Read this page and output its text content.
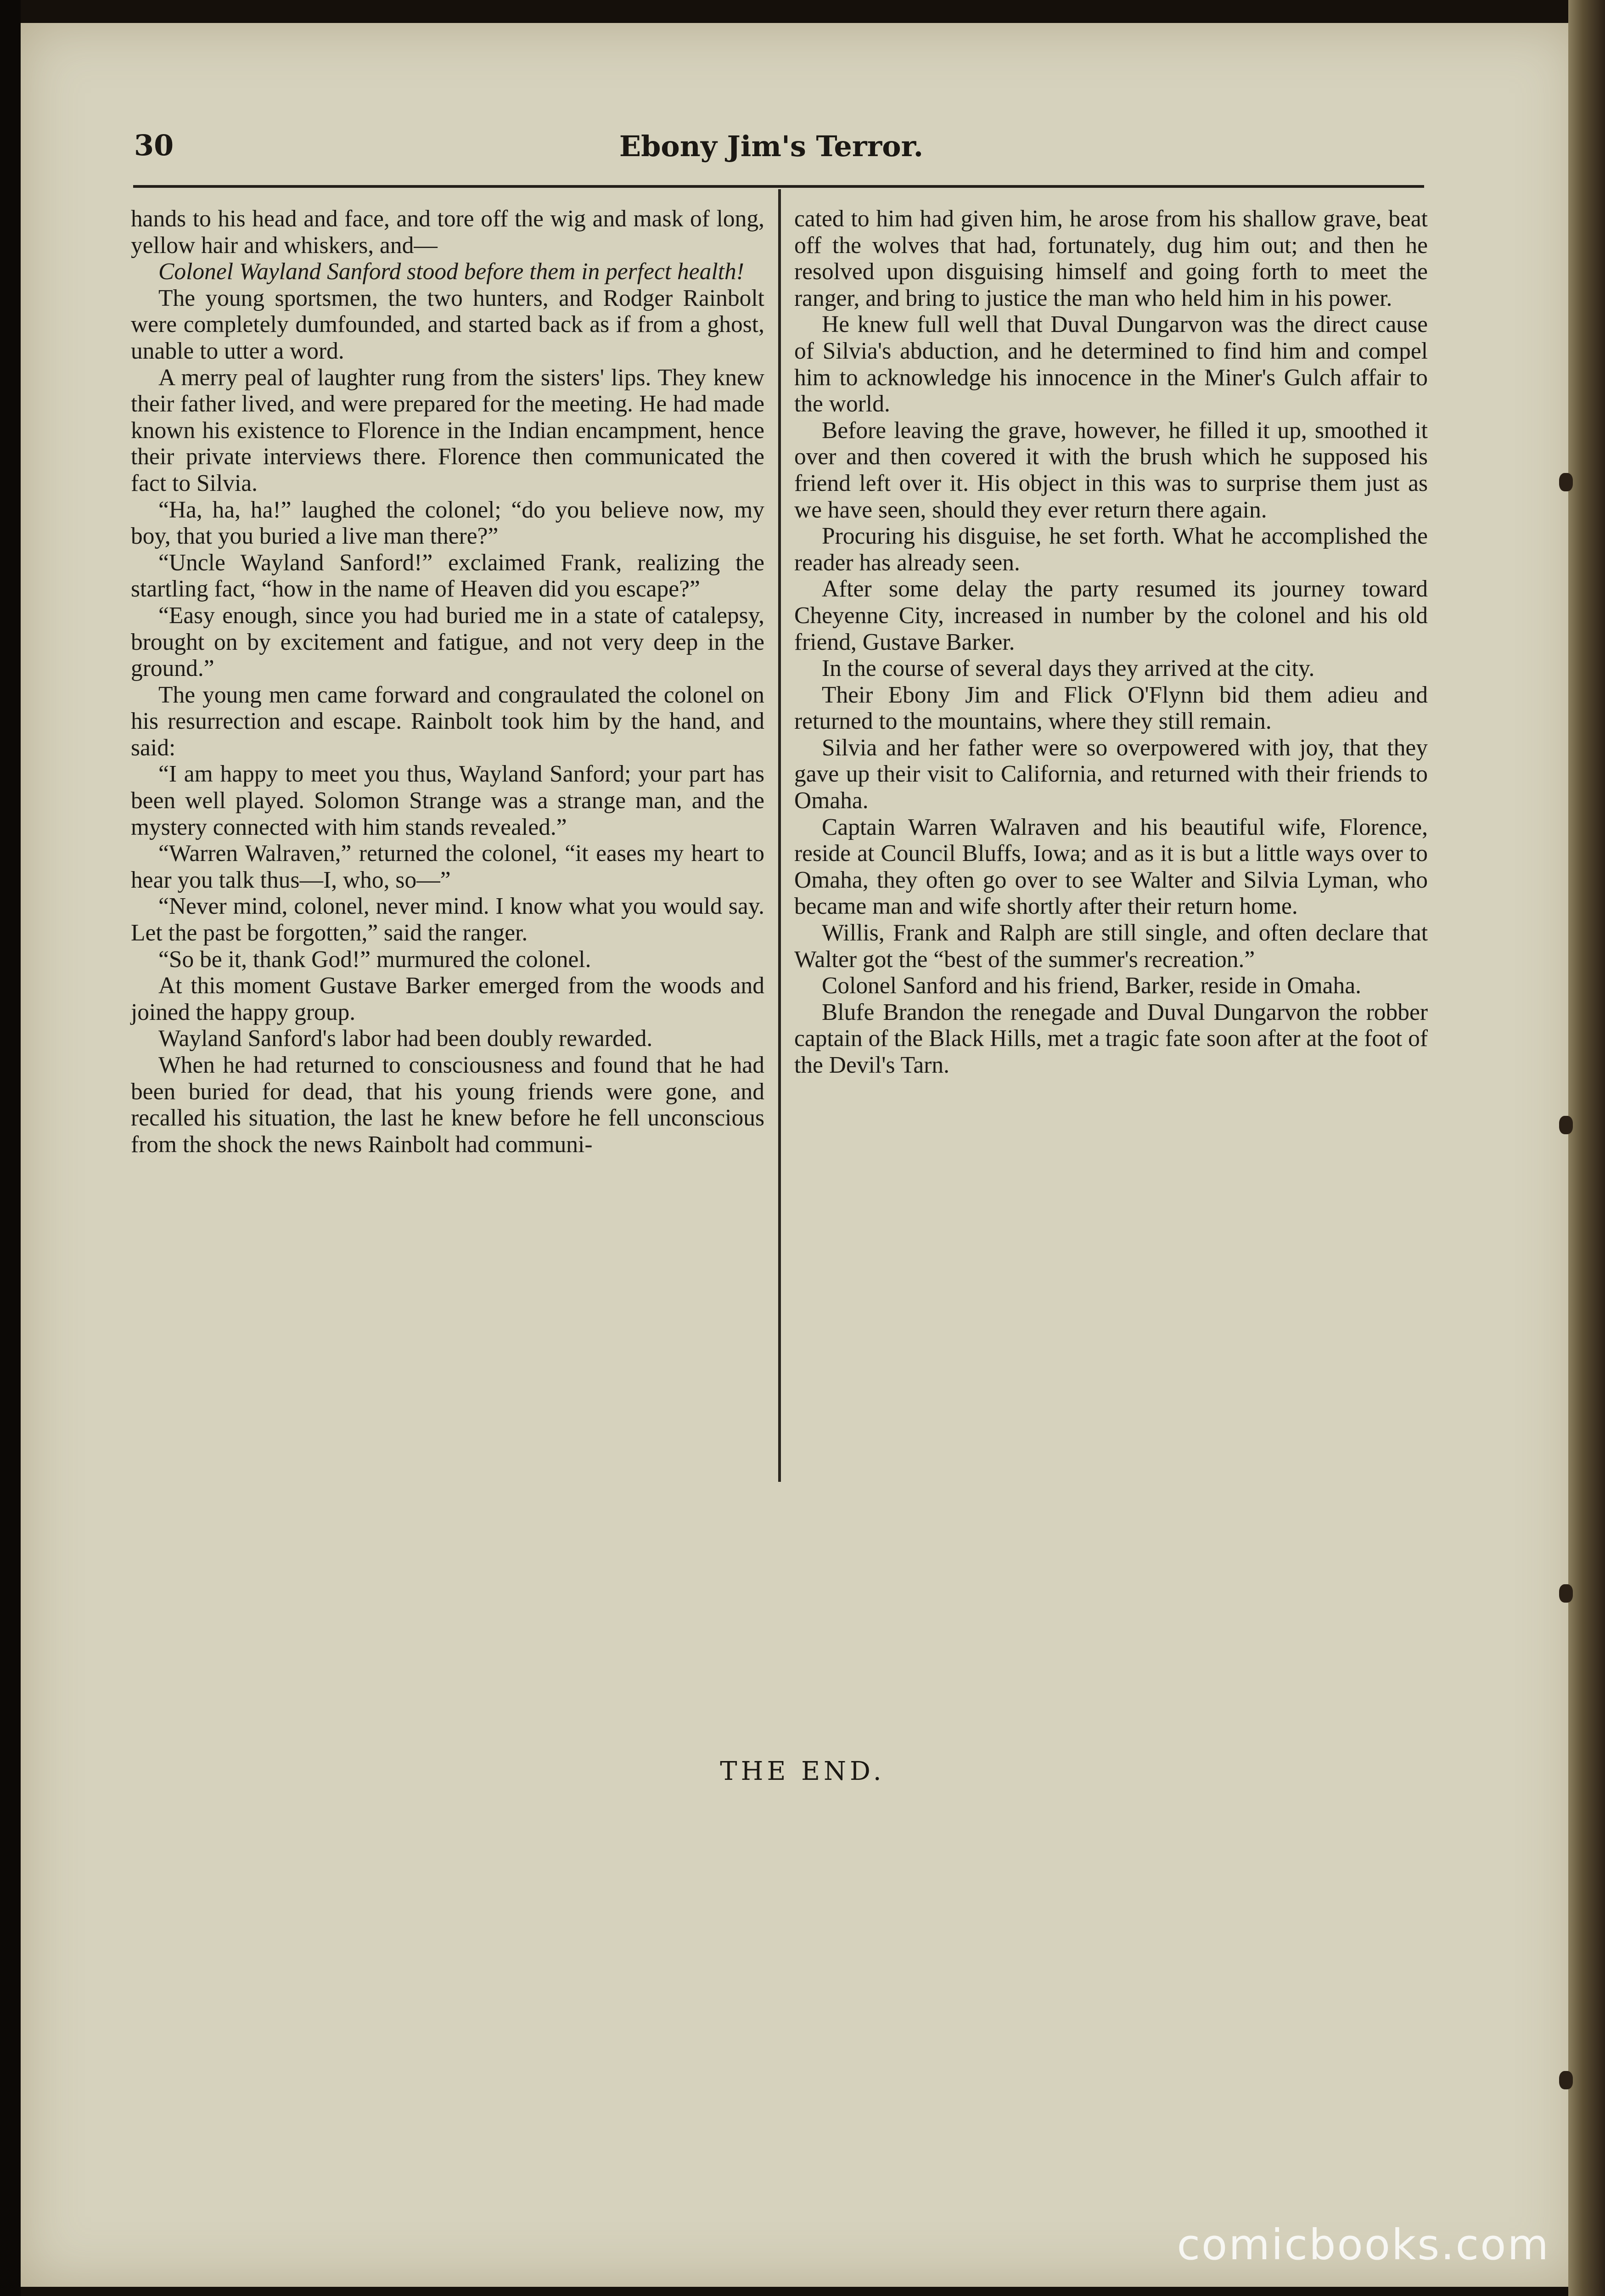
30	Ebony Jim's Terror.

hands to his head and face, and tore off the wig and mask of long, yellow hair and whiskers, and—

Colonel Wayland Sanford stood before them in perfect health!

The young sportsmen, the two hunters, and Rodger Rainbolt were completely dumfounded, and started back as if from a ghost, unable to utter a word.

A merry peal of laughter rung from the sisters' lips. They knew their father lived, and were prepared for the meeting. He had made known his existence to Florence in the Indian encampment, hence their private interviews there. Florence then communicated the fact to Silvia.

“Ha, ha, ha!” laughed the colonel; “do you believe now, my boy, that you buried a live man there?”

“Uncle Wayland Sanford!” exclaimed Frank, realizing the startling fact, “how in the name of Heaven did you escape?”

“Easy enough, since you had buried me in a state of catalepsy, brought on by excitement and fatigue, and not very deep in the ground.”

The young men came forward and congraulated the colonel on his resurrection and escape. Rainbolt took him by the hand, and said:

“I am happy to meet you thus, Wayland Sanford; your part has been well played. Solomon Strange was a strange man, and the mystery connected with him stands revealed.”

“Warren Walraven,” returned the colonel, “it eases my heart to hear you talk thus—I, who, so—”

“Never mind, colonel, never mind. I know what you would say. Let the past be forgotten,” said the ranger.

“So be it, thank God!” murmured the colonel.

At this moment Gustave Barker emerged from the woods and joined the happy group.

Wayland Sanford's labor had been doubly rewarded.

When he had returned to consciousness and found that he had been buried for dead, that his young friends were gone, and recalled his situation, the last he knew before he fell unconscious from the shock the news Rainbolt had communi-

cated to him had given him, he arose from his shallow grave, beat off the wolves that had, fortunately, dug him out; and then he resolved upon disguising himself and going forth to meet the ranger, and bring to justice the man who held him in his power.

He knew full well that Duval Dungarvon was the direct cause of Silvia's abduction, and he determined to find him and compel him to acknowledge his innocence in the Miner's Gulch affair to the world.

Before leaving the grave, however, he filled it up, smoothed it over and then covered it with the brush which he supposed his friend left over it. His object in this was to surprise them just as we have seen, should they ever return there again.

Procuring his disguise, he set forth. What he accomplished the reader has already seen.

After some delay the party resumed its journey toward Cheyenne City, increased in number by the colonel and his old friend, Gustave Barker.

In the course of several days they arrived at the city.

Their Ebony Jim and Flick O'Flynn bid them adieu and returned to the mountains, where they still remain.

Silvia and her father were so overpowered with joy, that they gave up their visit to California, and returned with their friends to Omaha.

Captain Warren Walraven and his beautiful wife, Florence, reside at Council Bluffs, Iowa; and as it is but a little ways over to Omaha, they often go over to see Walter and Silvia Lyman, who became man and wife shortly after their return home.

Willis, Frank and Ralph are still single, and often declare that Walter got the “best of the summer's recreation.”

Colonel Sanford and his friend, Barker, reside in Omaha.

Blufe Brandon the renegade and Duval Dungarvon the robber captain of the Black Hills, met a tragic fate soon after at the foot of the Devil's Tarn.

THE END.
comicbooks.com
